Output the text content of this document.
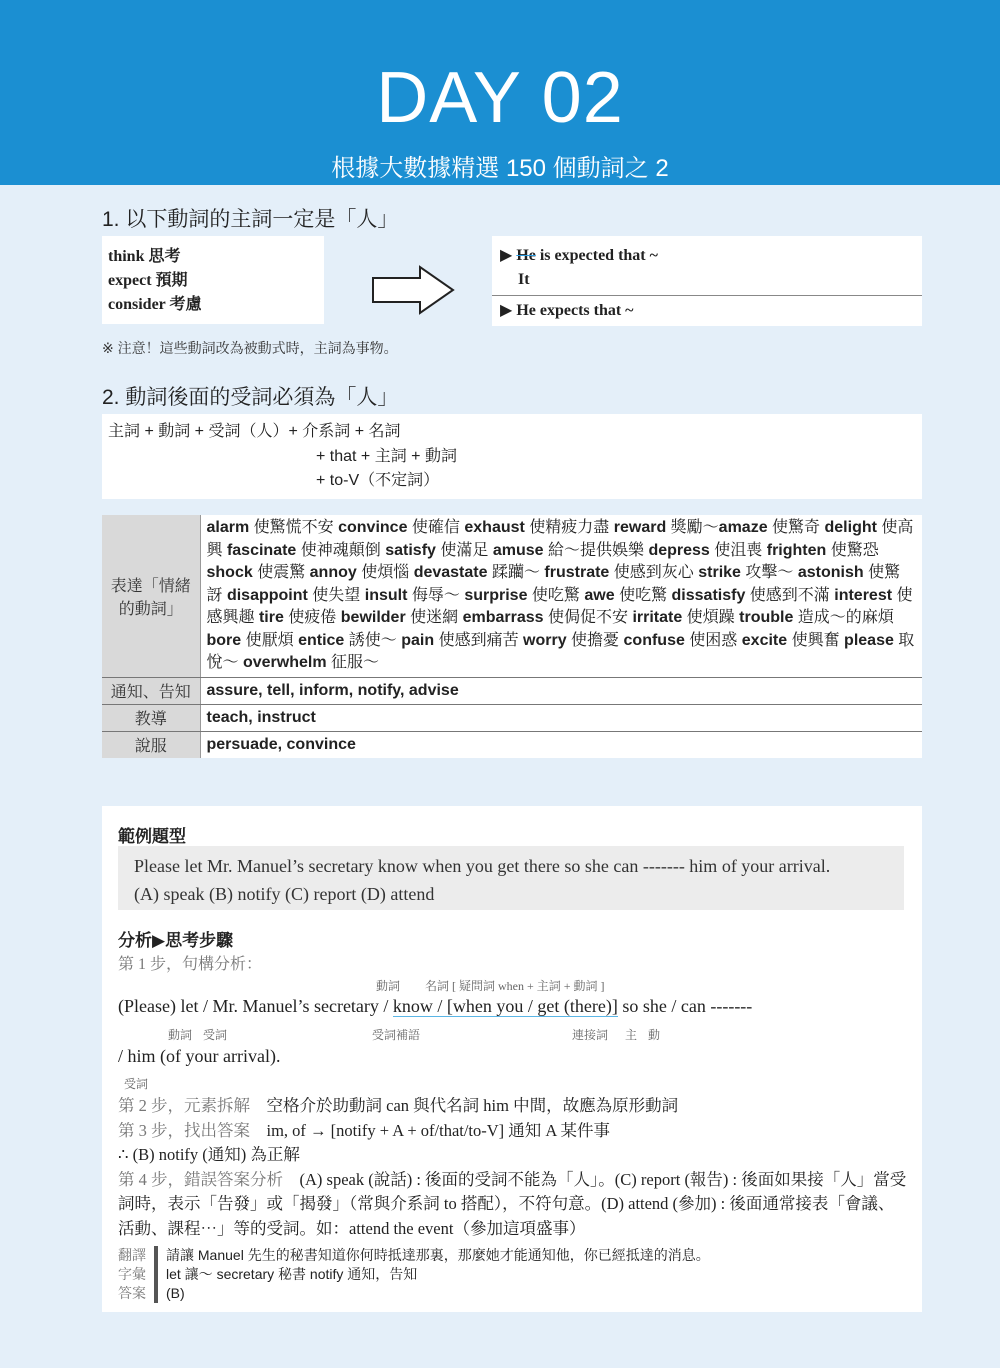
DAY 02
根據大數據精選 150 個動詞之 2
1. 以下動詞的主詞一定是「人」
think 思考
expect 預期
consider 考慮
▶ He is expected that ~
It
▶ He expects that ~
※ 注意！這些動詞改為被動式時，主詞為事物。
2. 動詞後面的受詞必須為「人」
主詞 + 動詞 + 受詞（人）+ 介系詞 + 名詞
+ that + 主詞 + 動詞
+ to-V（不定詞）
表達「情緒的動詞」	alarm 使驚慌不安 convince 使確信 exhaust 使精疲力盡 reward 獎勵～amaze 使驚奇 delight 使高興 fascinate 使神魂顛倒 satisfy 使滿足 amuse 給～提供娛樂 depress 使沮喪 frighten 使驚恐 shock 使震驚 annoy 使煩惱 devastate 蹂躪～ frustrate 使感到灰心 strike 攻擊～ astonish 使驚訝 disappoint 使失望 insult 侮辱～ surprise 使吃驚 awe 使吃驚 dissatisfy 使感到不滿 interest 使感興趣 tire 使疲倦 bewilder 使迷網 embarrass 使侷促不安 irritate 使煩躁 trouble 造成～的麻煩 bore 使厭煩 entice 誘使～ pain 使感到痛苦 worry 使擔憂 confuse 使困惑 excite 使興奮 please 取悅～ overwhelm 征服～
通知、告知	assure, tell, inform, notify, advise
教導	teach, instruct
說服	persuade, convince
範例題型
Please let Mr. Manuel’s secretary know when you get there so she can ------- him of your arrival.
(A) speak (B) notify (C) report (D) attend
分析▶思考步驟
第 1 步，句構分析：
動詞 名詞 [ 疑問詞 when + 主詞 + 動詞 ]
(Please) let / Mr. Manuel’s secretary / know / [when you / get (there)] so she / can -------
動詞 受詞	受詞補語	連接詞 主 動
/ him (of your arrival).
受詞
第 2 步，元素拆解　 空格介於助動詞 can 與代名詞 him 中間，故應為原形動詞
第 3 步，找出答案　 im, of → [notify + A + of/that/to-V] 通知 A 某件事
∴ (B) notify (通知) 為正解
第 4 步，錯誤答案分析　 (A) speak (說話) : 後面的受詞不能為「人」。(C) report (報告) : 後面如果接「人」當受詞時，表示「告發」或「揭發」（常與介系詞 to 搭配），不符句意。(D) attend (參加) : 後面通常接表「會議、活動、課程⋯」等的受詞。如：attend the event（參加這項盛事）
翻譯	請讓 Manuel 先生的秘書知道你何時抵達那裏，那麼她才能通知他，你已經抵達的消息。
字彙	let 讓～ secretary 秘書 notify 通知，告知
答案	(B)
